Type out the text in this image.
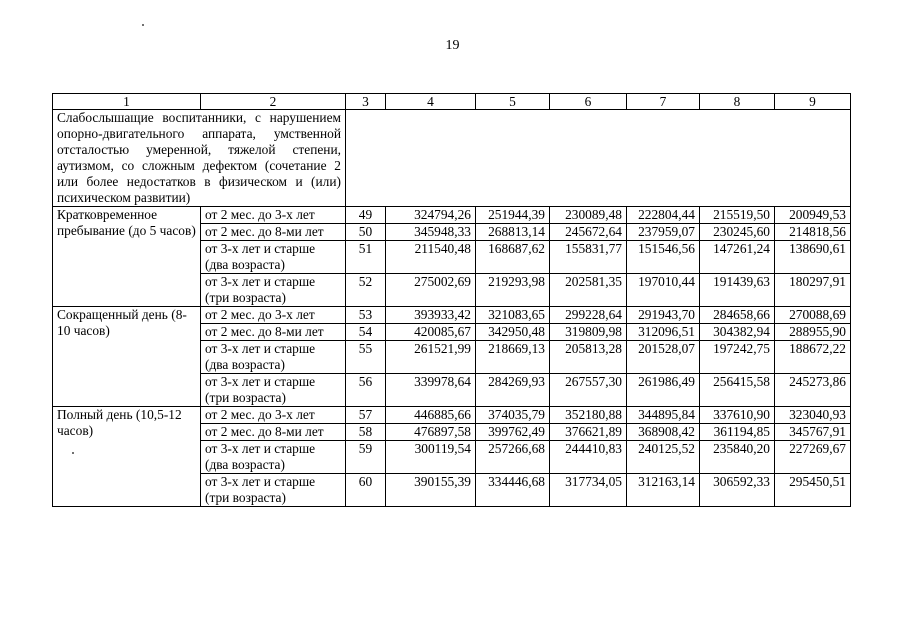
19
1	2	3	4	5	6	7	8	9
Слабослышащие воспитанники, с нарушением опорно-двигательного аппарата, умственной отсталостью умеренной, тяжелой степени, аутизмом, со сложным дефектом (сочетание 2 или более недостатков в физическом и (или) психическом развитии)								
Кратковременное пребывание (до 5 часов)	от 2 мес. до 3-х лет	49	324794,26	251944,39	230089,48	222804,44	215519,50	200949,53
	от 2 мес. до 8-ми лет	50	345948,33	268813,14	245672,64	237959,07	230245,60	214818,56
	от 3-х лет и старше (два возраста)	51	211540,48	168687,62	155831,77	151546,56	147261,24	138690,61
	от 3-х лет и старше (три возраста)	52	275002,69	219293,98	202581,35	197010,44	191439,63	180297,91
Сокращенный день (8-10 часов)	от 2 мес. до 3-х лет	53	393933,42	321083,65	299228,64	291943,70	284658,66	270088,69
	от 2 мес. до 8-ми лет	54	420085,67	342950,48	319809,98	312096,51	304382,94	288955,90
	от 3-х лет и старше (два возраста)	55	261521,99	218669,13	205813,28	201528,07	197242,75	188672,22
	от 3-х лет и старше (три возраста)	56	339978,64	284269,93	267557,30	261986,49	256415,58	245273,86
Полный день (10,5-12 часов)	от 2 мес. до 3-х лет	57	446885,66	374035,79	352180,88	344895,84	337610,90	323040,93
	от 2 мес. до 8-ми лет	58	476897,58	399762,49	376621,89	368908,42	361194,85	345767,91
	от 3-х лет и старше (два возраста)	59	300119,54	257266,68	244410,83	240125,52	235840,20	227269,67
	от 3-х лет и старше (три возраста)	60	390155,39	334446,68	317734,05	312163,14	306592,33	295450,51
